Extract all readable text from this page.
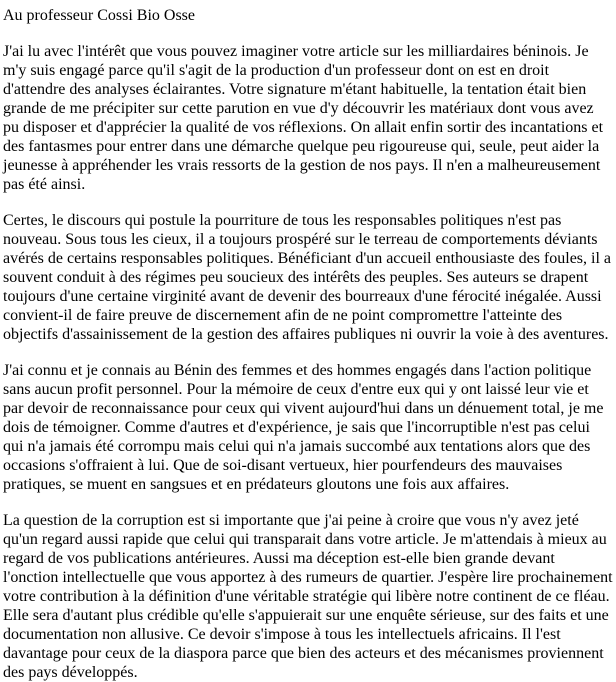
Au professeur Cossi Bio Osse

J'ai lu avec l'intérêt que vous pouvez imaginer votre article sur les milliardaires béninois. Je m'y suis engagé parce qu'il s'agit de la production d'un professeur dont on est en droit d'attendre des analyses éclairantes. Votre signature m'étant habituelle, la tentation était bien grande de me précipiter sur cette parution en vue d'y découvrir les matériaux dont vous avez pu disposer et d'apprécier la qualité de vos réflexions. On allait enfin sortir des incantations et des fantasmes pour entrer dans une démarche quelque peu rigoureuse qui, seule, peut aider la jeunesse à appréhender les vrais ressorts de la gestion de nos pays. Il n'en a malheureusement pas été ainsi.

Certes, le discours qui postule la pourriture de tous les responsables politiques n'est pas nouveau. Sous tous les cieux, il a toujours prospéré sur le terreau de comportements déviants avérés de certains responsables politiques. Bénéficiant d'un accueil enthousiaste des foules, il a souvent conduit à des régimes peu soucieux des intérêts des peuples. Ses auteurs se drapent toujours d'une certaine virginité avant de devenir des bourreaux d'une férocité inégalée. Aussi convient-il de faire preuve de discernement afin de ne point compromettre l'atteinte des objectifs d'assainissement de la gestion des affaires publiques ni ouvrir la voie à des aventures.

J'ai connu et je connais au Bénin des femmes et des hommes engagés dans l'action politique sans aucun profit personnel. Pour la mémoire de ceux d'entre eux qui y ont laissé leur vie et par devoir de reconnaissance pour ceux qui vivent aujourd'hui dans un dénuement total, je me dois de témoigner. Comme d'autres et d'expérience, je sais que l'incorruptible n'est pas celui qui n'a jamais été corrompu mais celui qui n'a jamais succombé aux tentations alors que des occasions s'offraient à lui. Que de soi-disant vertueux, hier pourfendeurs des mauvaises pratiques, se muent en sangsues et en prédateurs gloutons une fois aux affaires.

La question de la corruption est si importante que j'ai peine à croire que vous n'y avez jeté qu'un regard aussi rapide que celui qui transparait dans votre article. Je m'attendais à mieux au regard de vos publications antérieures. Aussi ma déception est-elle bien grande devant l'onction intellectuelle que vous apportez à des rumeurs de quartier. J'espère lire prochainement votre contribution à la définition d'une véritable stratégie qui libère notre continent de ce fléau. Elle sera d'autant plus crédible qu'elle s'appuierait sur une enquête sérieuse, sur des faits et une documentation non allusive. Ce devoir s'impose à tous les intellectuels africains. Il l'est davantage pour ceux de la diaspora parce que bien des acteurs et des mécanismes proviennent des pays développés.
